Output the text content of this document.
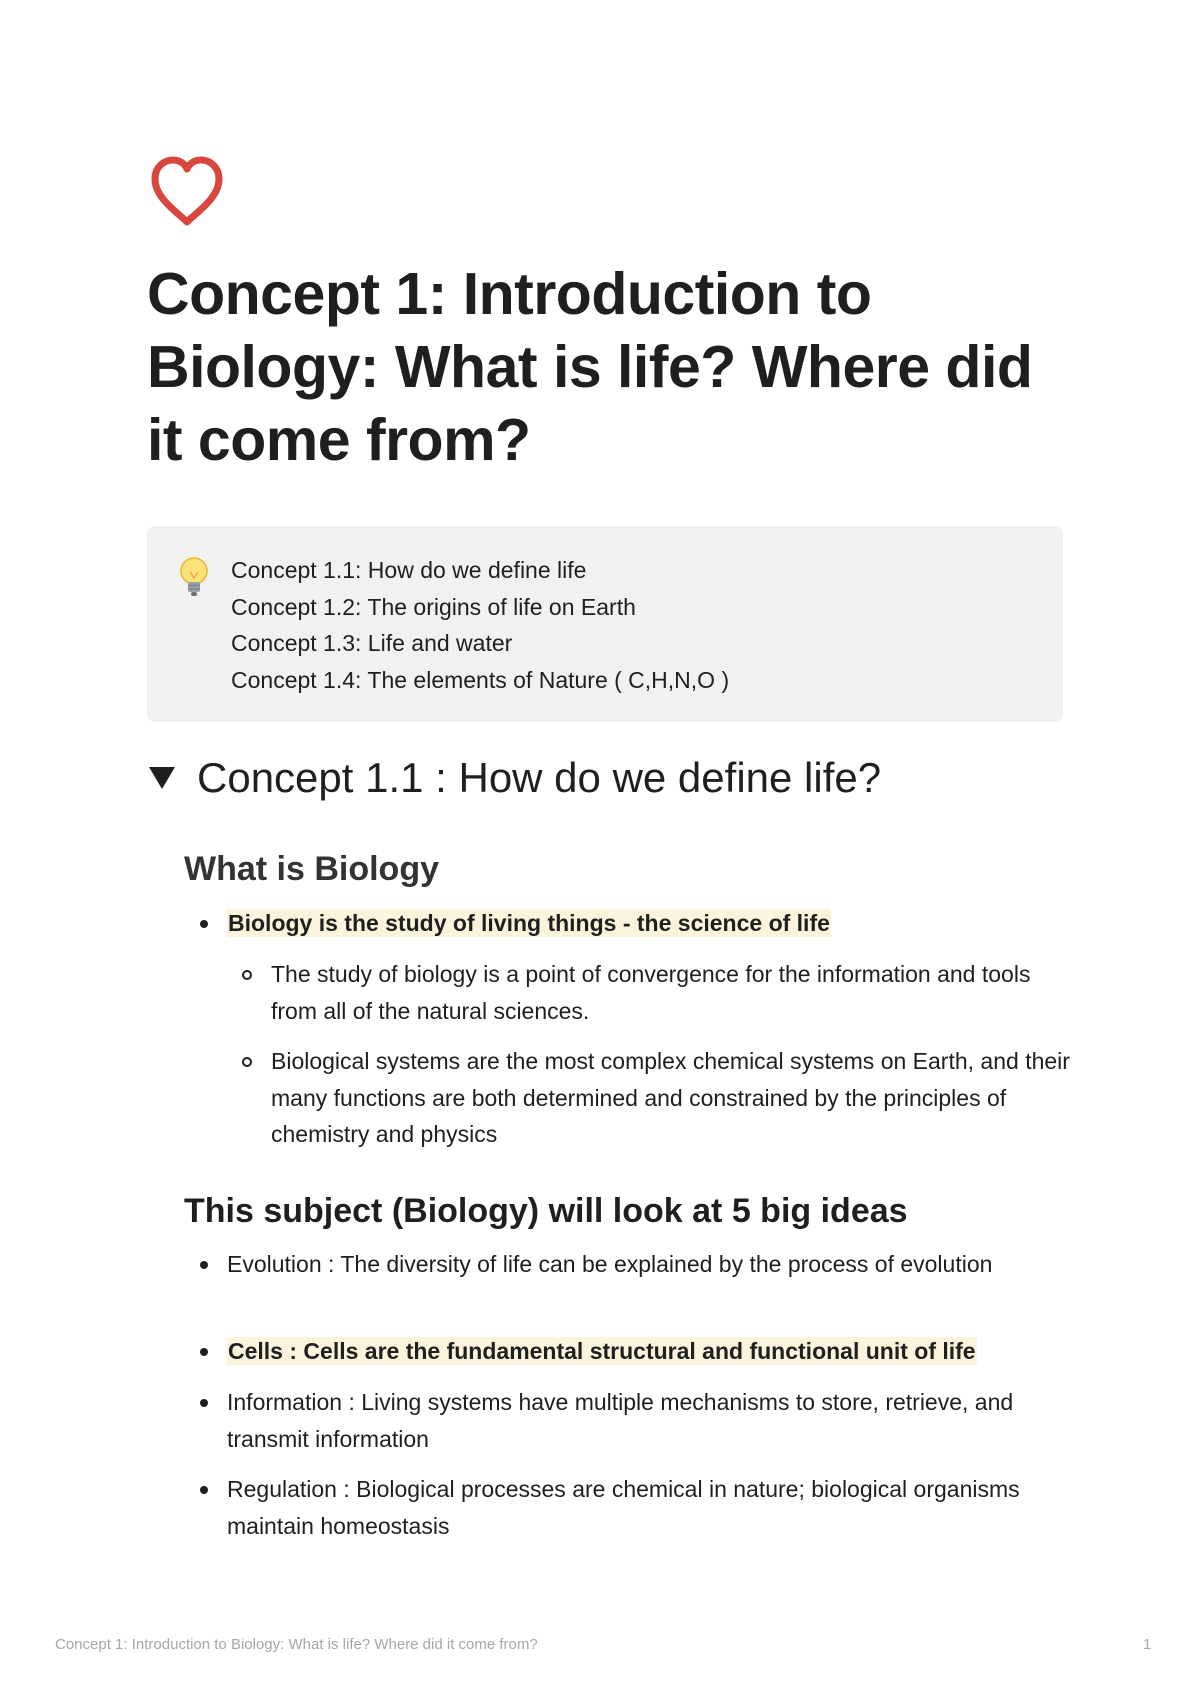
Concept 1: Introduction to Biology: What is life? Where did it come from?
Concept 1.1: How do we define life
Concept 1.2: The origins of life on Earth
Concept 1.3: Life and water
Concept 1.4: The elements of Nature ( C,H,N,O )
Concept 1.1 : How do we define life?
What is Biology
Biology is the study of living things - the science of life
The study of biology is a point of convergence for the information and tools from all of the natural sciences.
Biological systems are the most complex chemical systems on Earth, and their many functions are both determined and constrained by the principles of chemistry and physics
This subject (Biology) will look at 5 big ideas
Evolution : The diversity of life can be explained by the process of evolution
Cells : Cells are the fundamental structural and functional unit of life
Information : Living systems have multiple mechanisms to store, retrieve, and transmit information
Regulation : Biological processes are chemical in nature; biological organisms maintain homeostasis
Concept 1: Introduction to Biology: What is life? Where did it come from?	1
